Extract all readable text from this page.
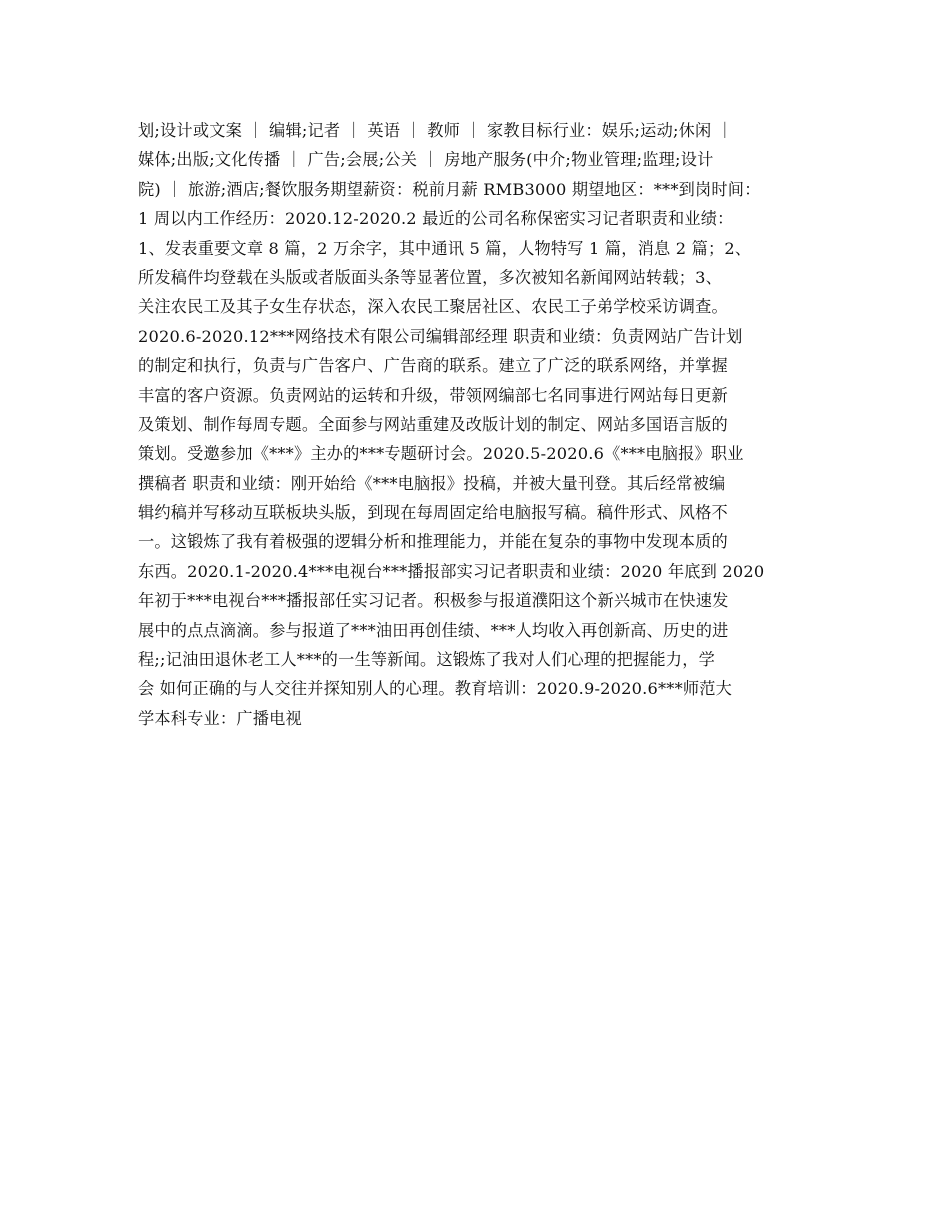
划;设计或文案 ｜ 编辑;记者 ｜ 英语 ｜ 教师 ｜ 家教目标行业：娱乐;运动;休闲 ｜
媒体;出版;文化传播 ｜ 广告;会展;公关 ｜ 房地产服务(中介;物业管理;监理;设计
院) ｜ 旅游;酒店;餐饮服务期望薪资：税前月薪 RMB3000 期望地区：***到岗时间：
1 周以内工作经历：2020.12-2020.2 最近的公司名称保密实习记者职责和业绩：
1、发表重要文章 8 篇，2 万余字，其中通讯 5 篇，人物特写 1 篇，消息 2 篇；2、
所发稿件均登载在头版或者版面头条等显著位置，多次被知名新闻网站转载；3、
关注农民工及其子女生存状态，深入农民工聚居社区、农民工子弟学校采访调查。
2020.6-2020.12***网络技术有限公司编辑部经理 职责和业绩：负责网站广告计划
的制定和执行，负责与广告客户、广告商的联系。建立了广泛的联系网络，并掌握
丰富的客户资源。负责网站的运转和升级，带领网编部七名同事进行网站每日更新
及策划、制作每周专题。全面参与网站重建及改版计划的制定、网站多国语言版的
策划。受邀参加《***》主办的***专题研讨会。2020.5-2020.6《***电脑报》职业
撰稿者 职责和业绩：刚开始给《***电脑报》投稿，并被大量刊登。其后经常被编
辑约稿并写移动互联板块头版，到现在每周固定给电脑报写稿。稿件形式、风格不
一。这锻炼了我有着极强的逻辑分析和推理能力，并能在复杂的事物中发现本质的
东西。2020.1-2020.4***电视台***播报部实习记者职责和业绩：2020 年底到 2020
年初于***电视台***播报部任实习记者。积极参与报道濮阳这个新兴城市在快速发
展中的点点滴滴。参与报道了***油田再创佳绩、***人均收入再创新高、历史的进
程;;记油田退休老工人***的一生等新闻。这锻炼了我对人们心理的把握能力，学
会 如何正确的与人交往并探知别人的心理。教育培训：2020.9-2020.6***师范大
学本科专业：广播电视
